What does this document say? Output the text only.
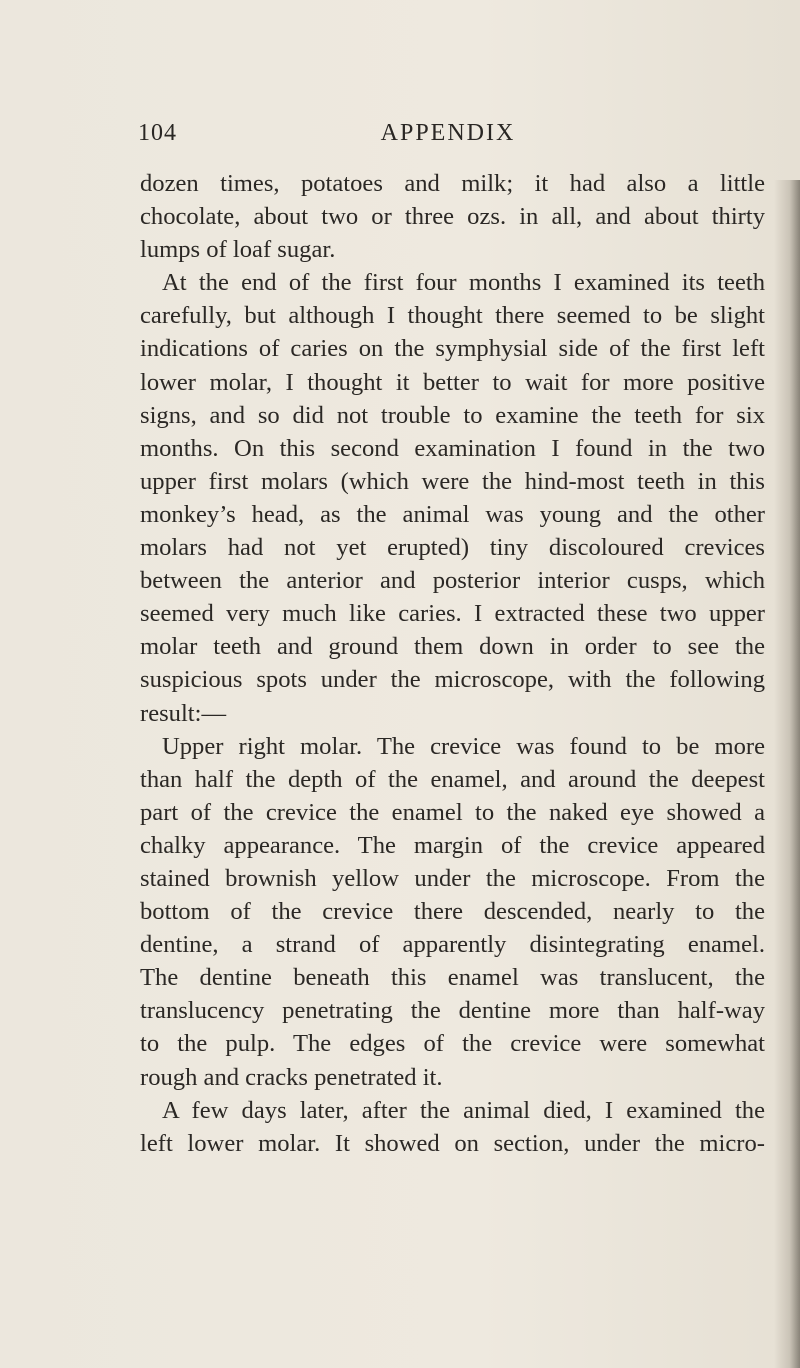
104	APPENDIX
dozen times, potatoes and milk; it had also a little
chocolate, about two or three ozs. in all, and about thirty
lumps of loaf sugar.
At the end of the first four months I examined its teeth
carefully, but although I thought there seemed to be slight
indications of caries on the symphysial side of the first left
lower molar, I thought it better to wait for more positive
signs, and so did not trouble to examine the teeth for six
months. On this second examination I found in the two
upper first molars (which were the hind-most teeth in this
monkey’s head, as the animal was young and the other
molars had not yet erupted) tiny discoloured crevices
between the anterior and posterior interior cusps, which
seemed very much like caries. I extracted these two upper
molar teeth and ground them down in order to see the
suspicious spots under the microscope, with the following
result:—
Upper right molar. The crevice was found to be more
than half the depth of the enamel, and around the deepest
part of the crevice the enamel to the naked eye showed a
chalky appearance. The margin of the crevice appeared
stained brownish yellow under the microscope. From the
bottom of the crevice there descended, nearly to the
dentine, a strand of apparently disintegrating enamel.
The dentine beneath this enamel was translucent, the
translucency penetrating the dentine more than half-way
to the pulp. The edges of the crevice were somewhat
rough and cracks penetrated it.
A few days later, after the animal died, I examined the
left lower molar. It showed on section, under the micro-
